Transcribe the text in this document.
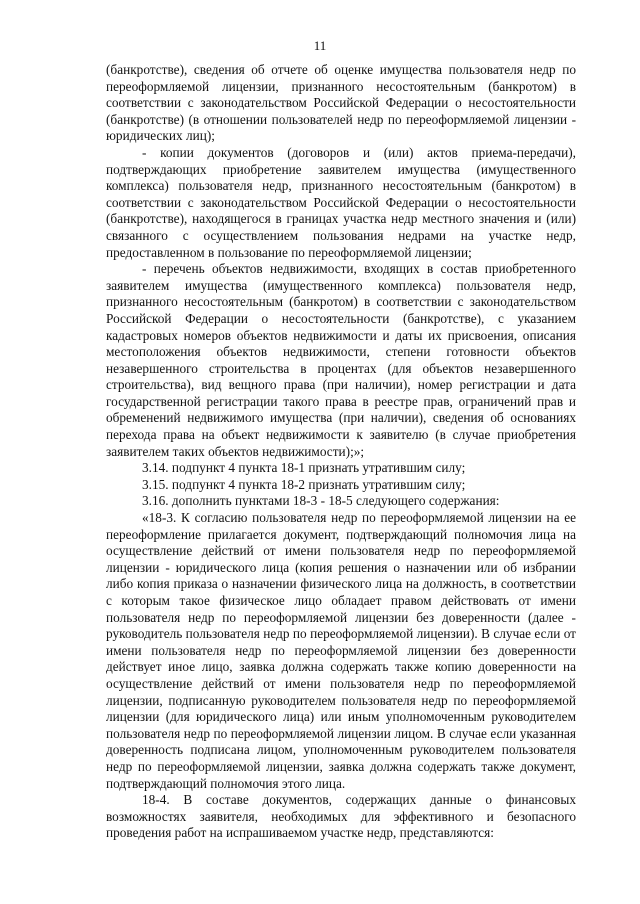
11

(банкротстве), сведения об отчете об оценке имущества пользователя недр по переоформляемой лицензии, признанного несостоятельным (банкротом) в соответствии с законодательством Российской Федерации о несостоятельности (банкротстве) (в отношении пользователей недр по переоформляемой лицензии - юридических лиц);

- копии документов (договоров и (или) актов приема-передачи), подтверждающих приобретение заявителем имущества (имущественного комплекса) пользователя недр, признанного несостоятельным (банкротом) в соответствии с законодательством Российской Федерации о несостоятельности (банкротстве), находящегося в границах участка недр местного значения и (или) связанного с осуществлением пользования недрами на участке недр, предоставленном в пользование по переоформляемой лицензии;

- перечень объектов недвижимости, входящих в состав приобретенного заявителем имущества (имущественного комплекса) пользователя недр, признанного несостоятельным (банкротом) в соответствии с законодательством Российской Федерации о несостоятельности (банкротстве), с указанием кадастровых номеров объектов недвижимости и даты их присвоения, описания местоположения объектов недвижимости, степени готовности объектов незавершенного строительства в процентах (для объектов незавершенного строительства), вид вещного права (при наличии), номер регистрации и дата государственной регистрации такого права в реестре прав, ограничений прав и обременений недвижимого имущества (при наличии), сведения об основаниях перехода права на объект недвижимости к заявителю (в случае приобретения заявителем таких объектов недвижимости);»;

3.14. подпункт 4 пункта 18-1 признать утратившим силу;

3.15. подпункт 4 пункта 18-2 признать утратившим силу;

3.16. дополнить пунктами 18-3 - 18-5 следующего содержания:

«18-3. К согласию пользователя недр по переоформляемой лицензии на ее переоформление прилагается документ, подтверждающий полномочия лица на осуществление действий от имени пользователя недр по переоформляемой лицензии - юридического лица (копия решения о назначении или об избрании либо копия приказа о назначении физического лица на должность, в соответствии с которым такое физическое лицо обладает правом действовать от имени пользователя недр по переоформляемой лицензии без доверенности (далее - руководитель пользователя недр по переоформляемой лицензии). В случае если от имени пользователя недр по переоформляемой лицензии без доверенности действует иное лицо, заявка должна содержать также копию доверенности на осуществление действий от имени пользователя недр по переоформляемой лицензии, подписанную руководителем пользователя недр по переоформляемой лицензии (для юридического лица) или иным уполномоченным руководителем пользователя недр по переоформляемой лицензии лицом. В случае если указанная доверенность подписана лицом, уполномоченным руководителем пользователя недр по переоформляемой лицензии, заявка должна содержать также документ, подтверждающий полномочия этого лица.

18-4. В составе документов, содержащих данные о финансовых возможностях заявителя, необходимых для эффективного и безопасного проведения работ на испрашиваемом участке недр, представляются:
